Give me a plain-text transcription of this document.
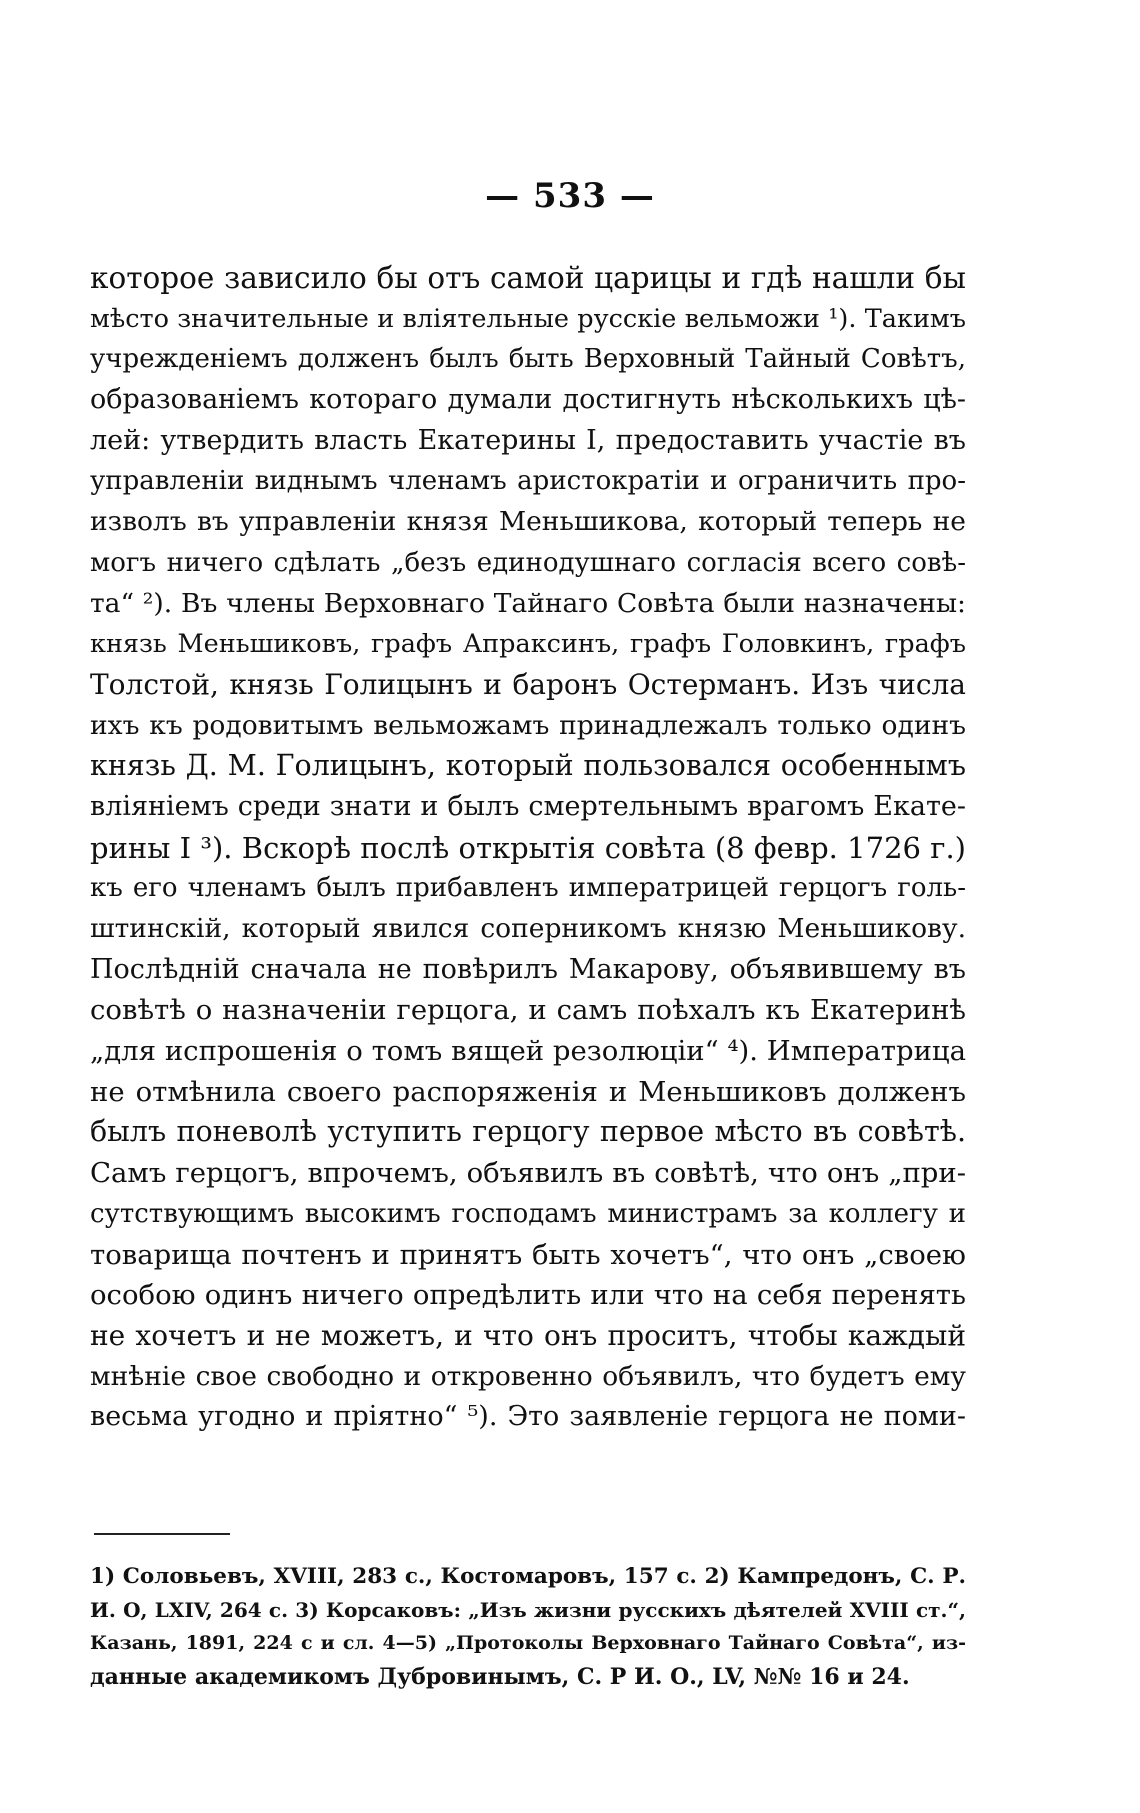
— 533 —
которое зависило бы отъ самой царицы и гдѣ нашли бы
мѣсто значительные и вліятельные русскіе вельможи ¹). Такимъ
учрежденіемъ долженъ былъ быть Верховный Тайный Совѣтъ,
образованіемъ котораго думали достигнуть нѣсколькихъ цѣ-
лей: утвердить власть Екатерины I, предоставить участіе въ
управленіи виднымъ членамъ аристократіи и ограничить про-
изволъ въ управленіи князя Меньшикова, который теперь не
могъ ничего сдѣлать „безъ единодушнаго согласія всего совѣ-
та“ ²). Въ члены Верховнаго Тайнаго Совѣта были назначены:
князь Меньшиковъ, графъ Апраксинъ, графъ Головкинъ, графъ
Толстой, князь Голицынъ и баронъ Остерманъ. Изъ числа
ихъ къ родовитымъ вельможамъ принадлежалъ только одинъ
князь Д. М. Голицынъ, который пользовался особеннымъ
вліяніемъ среди знати и былъ смертельнымъ врагомъ Екате-
рины I ³). Вскорѣ послѣ открытія совѣта (8 февр. 1726 г.)
къ его членамъ былъ прибавленъ императрицей герцогъ голь-
штинскій, который явился соперникомъ князю Меньшикову.
Послѣдній сначала не повѣрилъ Макарову, объявившему въ
совѣтѣ о назначеніи герцога, и самъ поѣхалъ къ Екатеринѣ
„для испрошенія о томъ вящей резолюціи“ ⁴). Императрица
не отмѣнила своего распоряженія и Меньшиковъ долженъ
былъ поневолѣ уступить герцогу первое мѣсто въ совѣтѣ.
Самъ герцогъ, впрочемъ, объявилъ въ совѣтѣ, что онъ „при-
сутствующимъ высокимъ господамъ министрамъ за коллегу и
товарища почтенъ и принятъ быть хочетъ“, что онъ „своею
особою одинъ ничего опредѣлить или что на себя перенять
не хочетъ и не можетъ, и что онъ проситъ, чтобы каждый
мнѣніе свое свободно и откровенно объявилъ, что будетъ ему
весьма угодно и пріятно“ ⁵). Это заявленіе герцога не поми-
1) Соловьевъ, XVIII, 283 с., Костомаровъ, 157 с. 2) Кампредонъ, С. Р.
И. О, LXIV, 264 с. 3) Корсаковъ: „Изъ жизни русскихъ дѣятелей XVIII ст.“,
Казань, 1891, 224 с и сл. 4—5) „Протоколы Верховнаго Тайнаго Совѣта“, из-
данные академикомъ Дубровинымъ, С. Р И. О., LV, №№ 16 и 24.
